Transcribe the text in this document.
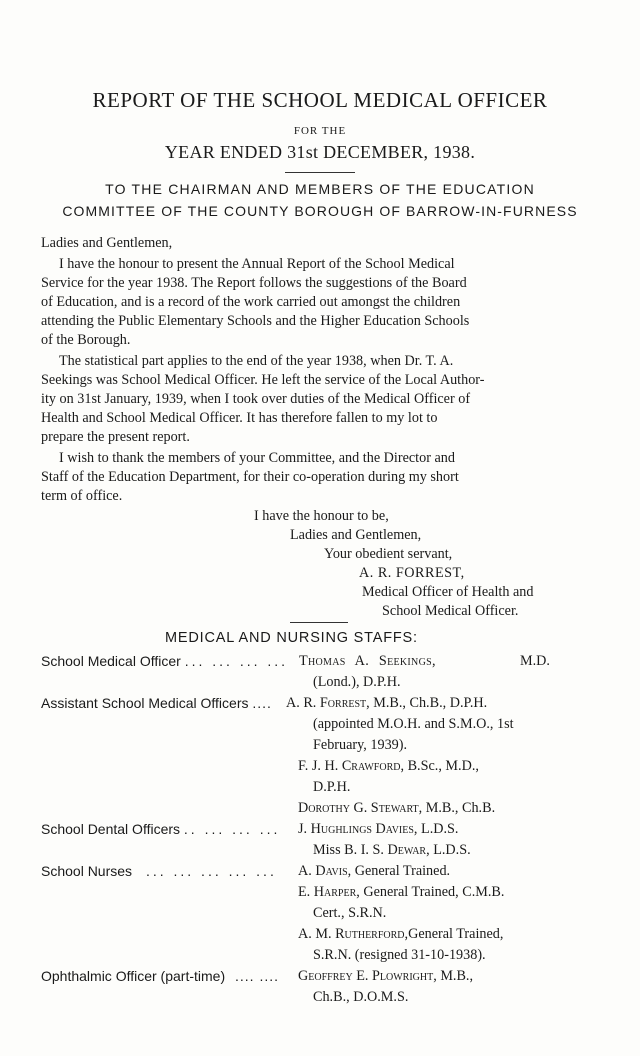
REPORT OF THE SCHOOL MEDICAL OFFICER
FOR THE
YEAR ENDED 31st DECEMBER, 1938.
TO THE CHAIRMAN AND MEMBERS OF THE EDUCATION
COMMITTEE OF THE COUNTY BOROUGH OF BARROW-IN-FURNESS
Ladies and Gentlemen,
I have the honour to present the Annual Report of the School Medical
Service for the year 1938. The Report follows the suggestions of the Board
of Education, and is a record of the work carried out amongst the children
attending the Public Elementary Schools and the Higher Education Schools
of the Borough.
The statistical part applies to the end of the year 1938, when Dr. T. A.
Seekings was School Medical Officer. He left the service of the Local Author-
ity on 31st January, 1939, when I took over duties of the Medical Officer of
Health and School Medical Officer. It has therefore fallen to my lot to
prepare the present report.
I wish to thank the members of your Committee, and the Director and
Staff of the Education Department, for their co-operation during my short
term of office.
I have the honour to be,
Ladies and Gentlemen,
Your obedient servant,
A. R. FORREST,
Medical Officer of Health and
School Medical Officer.
MEDICAL AND NURSING STAFFS:
School Medical Officer ... ... ... ... Thomas A. Seekings,	M.D.
(Lond.), D.P.H.
Assistant School Medical Officers .... A. R. Forrest, M.B., Ch.B., D.P.H.
(appointed M.O.H. and S.M.O., 1st
February, 1939).
F. J. H. Crawford, B.Sc., M.D.,
D.P.H.
Dorothy G. Stewart, M.B., Ch.B.
School Dental Officers .. ... ... ... J. Hughlings Davies, L.D.S.
Miss B. I. S. Dewar, L.D.S.
School Nurses ... ... ... ... ... A. Davis, General Trained.
E. Harper, General Trained, C.M.B.
Cert., S.R.N.
A. M. Rutherford,General Trained,
S.R.N. (resigned 31-10-1938).
Ophthalmic Officer (part-time) .... .... Geoffrey E. Plowright, M.B.,
Ch.B., D.O.M.S.
